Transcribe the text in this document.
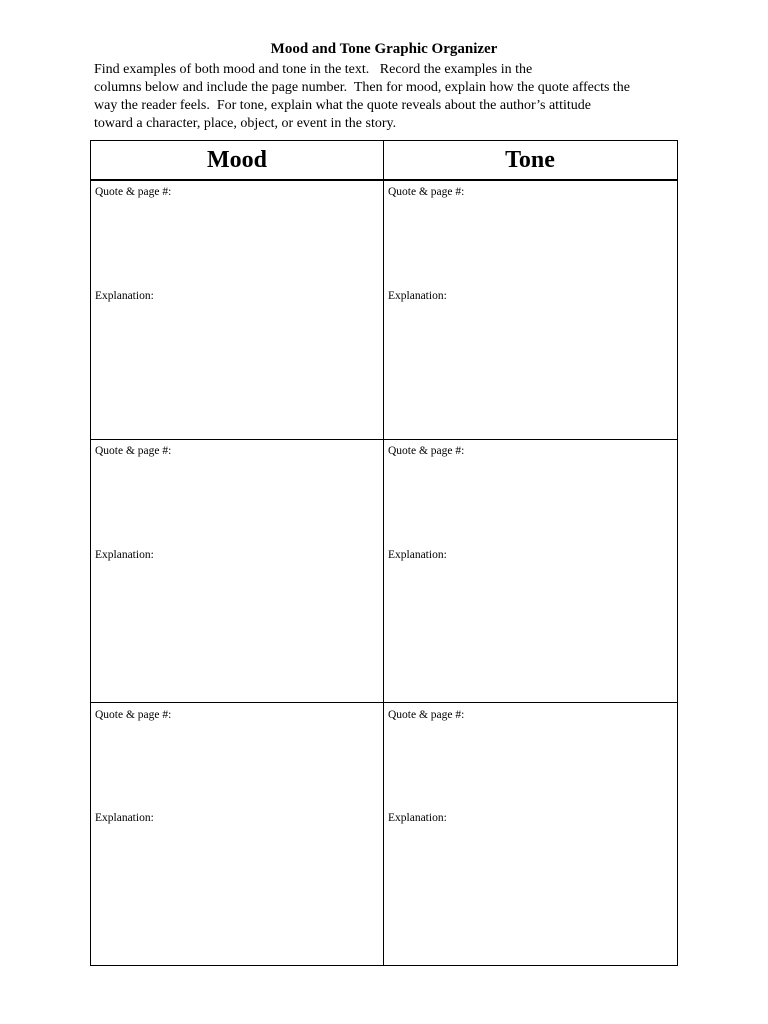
Mood and Tone Graphic Organizer
Find examples of both mood and tone in the text.   Record the examples in the
columns below and include the page number.  Then for mood, explain how the quote affects the
way the reader feels.  For tone, explain what the quote reveals about the author’s attitude
toward a character, place, object, or event in the story.
Mood	Tone
Quote & page #:
Explanation:
Quote & page #:
Explanation:
Quote & page #:
Explanation:
Quote & page #:
Explanation:
Quote & page #:
Explanation:
Quote & page #:
Explanation:
